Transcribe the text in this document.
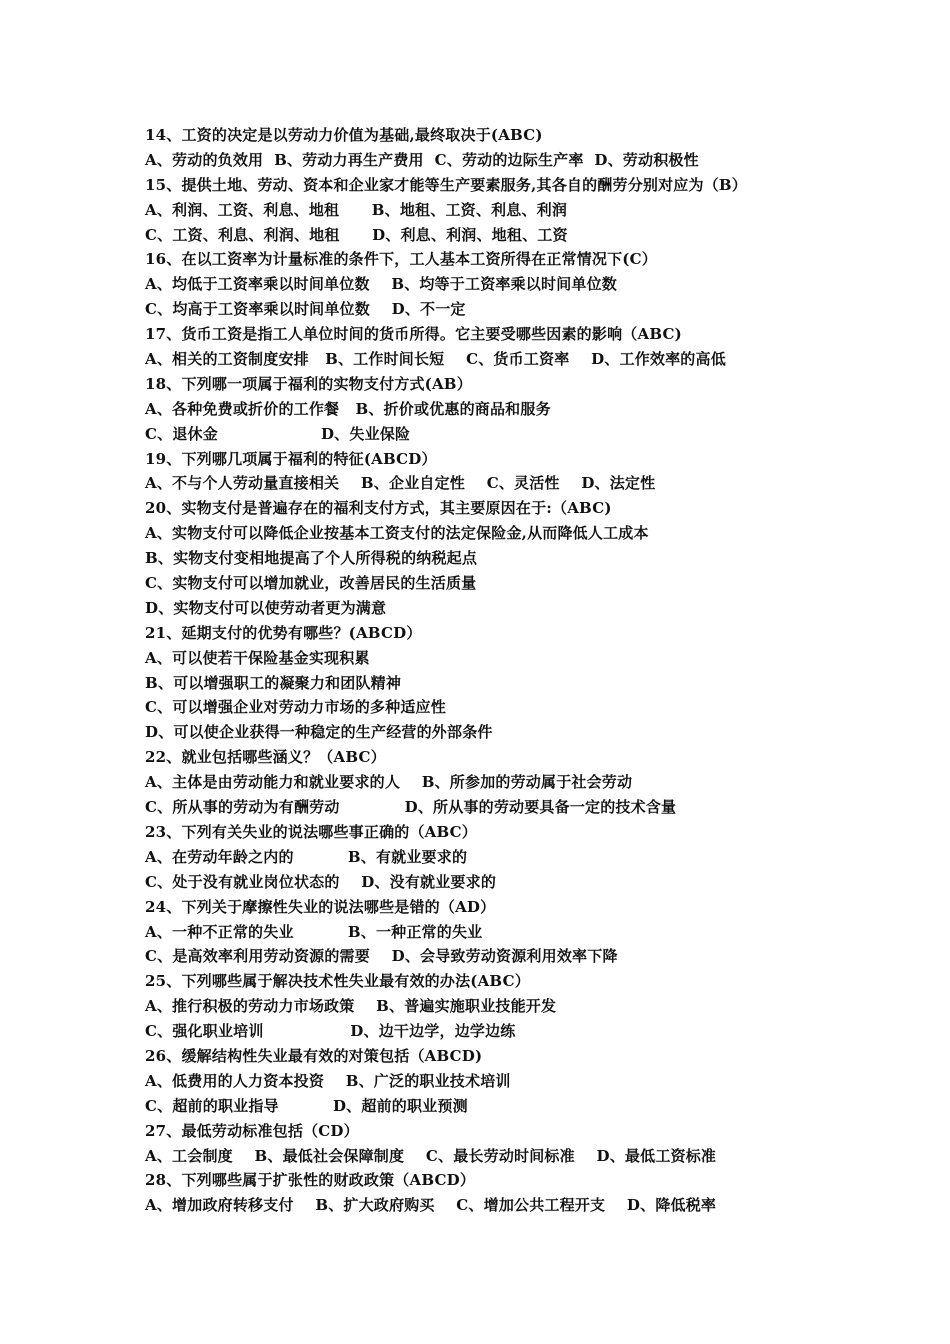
14、工资的决定是以劳动力价值为基础,最终取决于(ABC)
A、劳动的负效用  B、劳动力再生产费用  C、劳动的边际生产率  D、劳动积极性
15、提供土地、劳动、资本和企业家才能等生产要素服务,其各自的酬劳分别对应为（B）
A、利润、工资、利息、地租      B、地租、工资、利息、利润
C、工资、利息、利润、地租      D、利息、利润、地租、工资
16、在以工资率为计量标准的条件下，工人基本工资所得在正常情况下(C）
A、均低于工资率乘以时间单位数    B、均等于工资率乘以时间单位数
C、均高于工资率乘以时间单位数    D、不一定
17、货币工资是指工人单位时间的货币所得。它主要受哪些因素的影响（ABC)
A、相关的工资制度安排   B、工作时间长短    C、货币工资率    D、工作效率的高低
18、下列哪一项属于福利的实物支付方式(AB）
A、各种免费或折价的工作餐   B、折价或优惠的商品和服务
C、退休金                   D、失业保险
19、下列哪几项属于福利的特征(ABCD）
A、不与个人劳动量直接相关    B、企业自定性    C、灵活性    D、法定性
20、实物支付是普遍存在的福利支付方式，其主要原因在于:（ABC)
A、实物支付可以降低企业按基本工资支付的法定保险金,从而降低人工成本
B、实物支付变相地提高了个人所得税的纳税起点
C、实物支付可以增加就业，改善居民的生活质量
D、实物支付可以使劳动者更为满意
21、延期支付的优势有哪些？(ABCD）
A、可以使若干保险基金实现积累
B、可以增强职工的凝聚力和团队精神
C、可以增强企业对劳动力市场的多种适应性
D、可以使企业获得一种稳定的生产经营的外部条件
22、就业包括哪些涵义？（ABC）
A、主体是由劳动能力和就业要求的人    B、所参加的劳动属于社会劳动
C、所从事的劳动为有酬劳动            D、所从事的劳动要具备一定的技术含量
23、下列有关失业的说法哪些事正确的（ABC）
A、在劳动年龄之内的          B、有就业要求的
C、处于没有就业岗位状态的    D、没有就业要求的
24、下列关于摩擦性失业的说法哪些是错的（AD）
A、一种不正常的失业          B、一种正常的失业
C、是高效率利用劳动资源的需要    D、会导致劳动资源利用效率下降
25、下列哪些属于解决技术性失业最有效的办法(ABC）
A、推行积极的劳动力市场政策    B、普遍实施职业技能开发
C、强化职业培训                D、边干边学，边学边练
26、缓解结构性失业最有效的对策包括（ABCD)
A、低费用的人力资本投资    B、广泛的职业技术培训
C、超前的职业指导          D、超前的职业预测
27、最低劳动标准包括（CD）
A、工会制度    B、最低社会保障制度    C、最长劳动时间标准    D、最低工资标准
28、下列哪些属于扩张性的财政政策（ABCD）
A、增加政府转移支付    B、扩大政府购买    C、增加公共工程开支    D、降低税率
